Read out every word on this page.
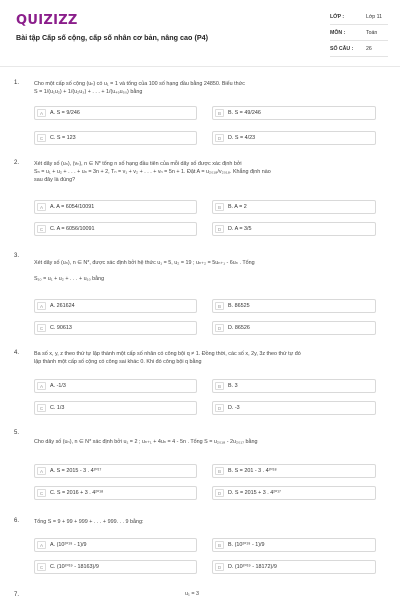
QUIZIZZ
Bài tập Cấp số cộng, cấp số nhân cơ bản, nâng cao (P4)
LỚP :	Lớp 11
MÔN :	Toán
SỐ CÂU : 26
1.	Cho một cấp số cộng (uₙ) có u₁ = 1 và tổng của 100 số hạng đầu bằng 24850. Biểu thức
S = 1/(u₁u₂) + 1/(u₂u₃) + . . . + 1/(u₄₉u₅₀) bằng
A	A. S = 9/246	B	B. S = 49/246
C	C. S = 123	D	D. S = 4/23
2.	Xét dãy số (uₙ), (vₙ), n ∈ N* tổng n số hạng đầu tiên của mỗi dãy số được xác định bởi
Sₙ = u₁ + u₂ + . . . + uₙ = 3n + 2, Tₙ = v₁ + v₂ + . . . + vₙ = 5n + 1. Đặt A = u₂₀₁₈/v₂₀₁₈. Khẳng định nào
sau đây là đúng?
A	A. A = 6054/10091	B	B. A = 2
C	C. A = 6056/10091	D	D. A = 3/5
3.
Xét dãy số (uₙ), n ∈ N*, được xác định bởi hệ thức u₁ = 5, u₂ = 19 ; uₙ₊₂ = 5uₙ₊₁ - 6uₙ . Tổng
S₁₀ = u₁ + u₂ + . . . + u₁₀ bằng
A	A. 261624	B	B. 86525
C	C. 90613	D	D. 86526
4.	Ba số x, y, z theo thứ tự lập thành một cấp số nhân có công bội q ≠ 1. Đồng thời, các số x, 2y, 3z theo thứ tự đó
lập thành một cấp số cộng có công sai khác 0. Khi đó công bội q bằng
A	A. -1/3	B	B. 3
C	C. 1/3	D	D. -3
5.
Cho dãy số (uₙ), n ∈ N* xác định bởi u₁ = 2 ; uₙ₊₁ + 4uₙ = 4 - 5n . Tổng S = u₂₀₁₈ - 2u₂₀₁₇ bằng
A	A. S = 2015 - 3 . 4²⁰¹⁷	B	B. S = 201 - 3 . 4²⁰¹⁸
C	C. S = 2016 + 3 . 4²⁰¹⁸	D	D. S = 2015 + 3 . 4²⁰¹⁷
6.	Tổng S = 9 + 99 + 999 + . . . + 999. . . 9 bằng:
A	A. (10²⁰¹⁹ - 1)/9	B	B. (10²⁰¹⁹ - 1)/9
C	C. (10²⁰¹⁹ - 18163)/9	D	D. (10²⁰¹⁹ - 18172)/9
7.	u₁ = 3
